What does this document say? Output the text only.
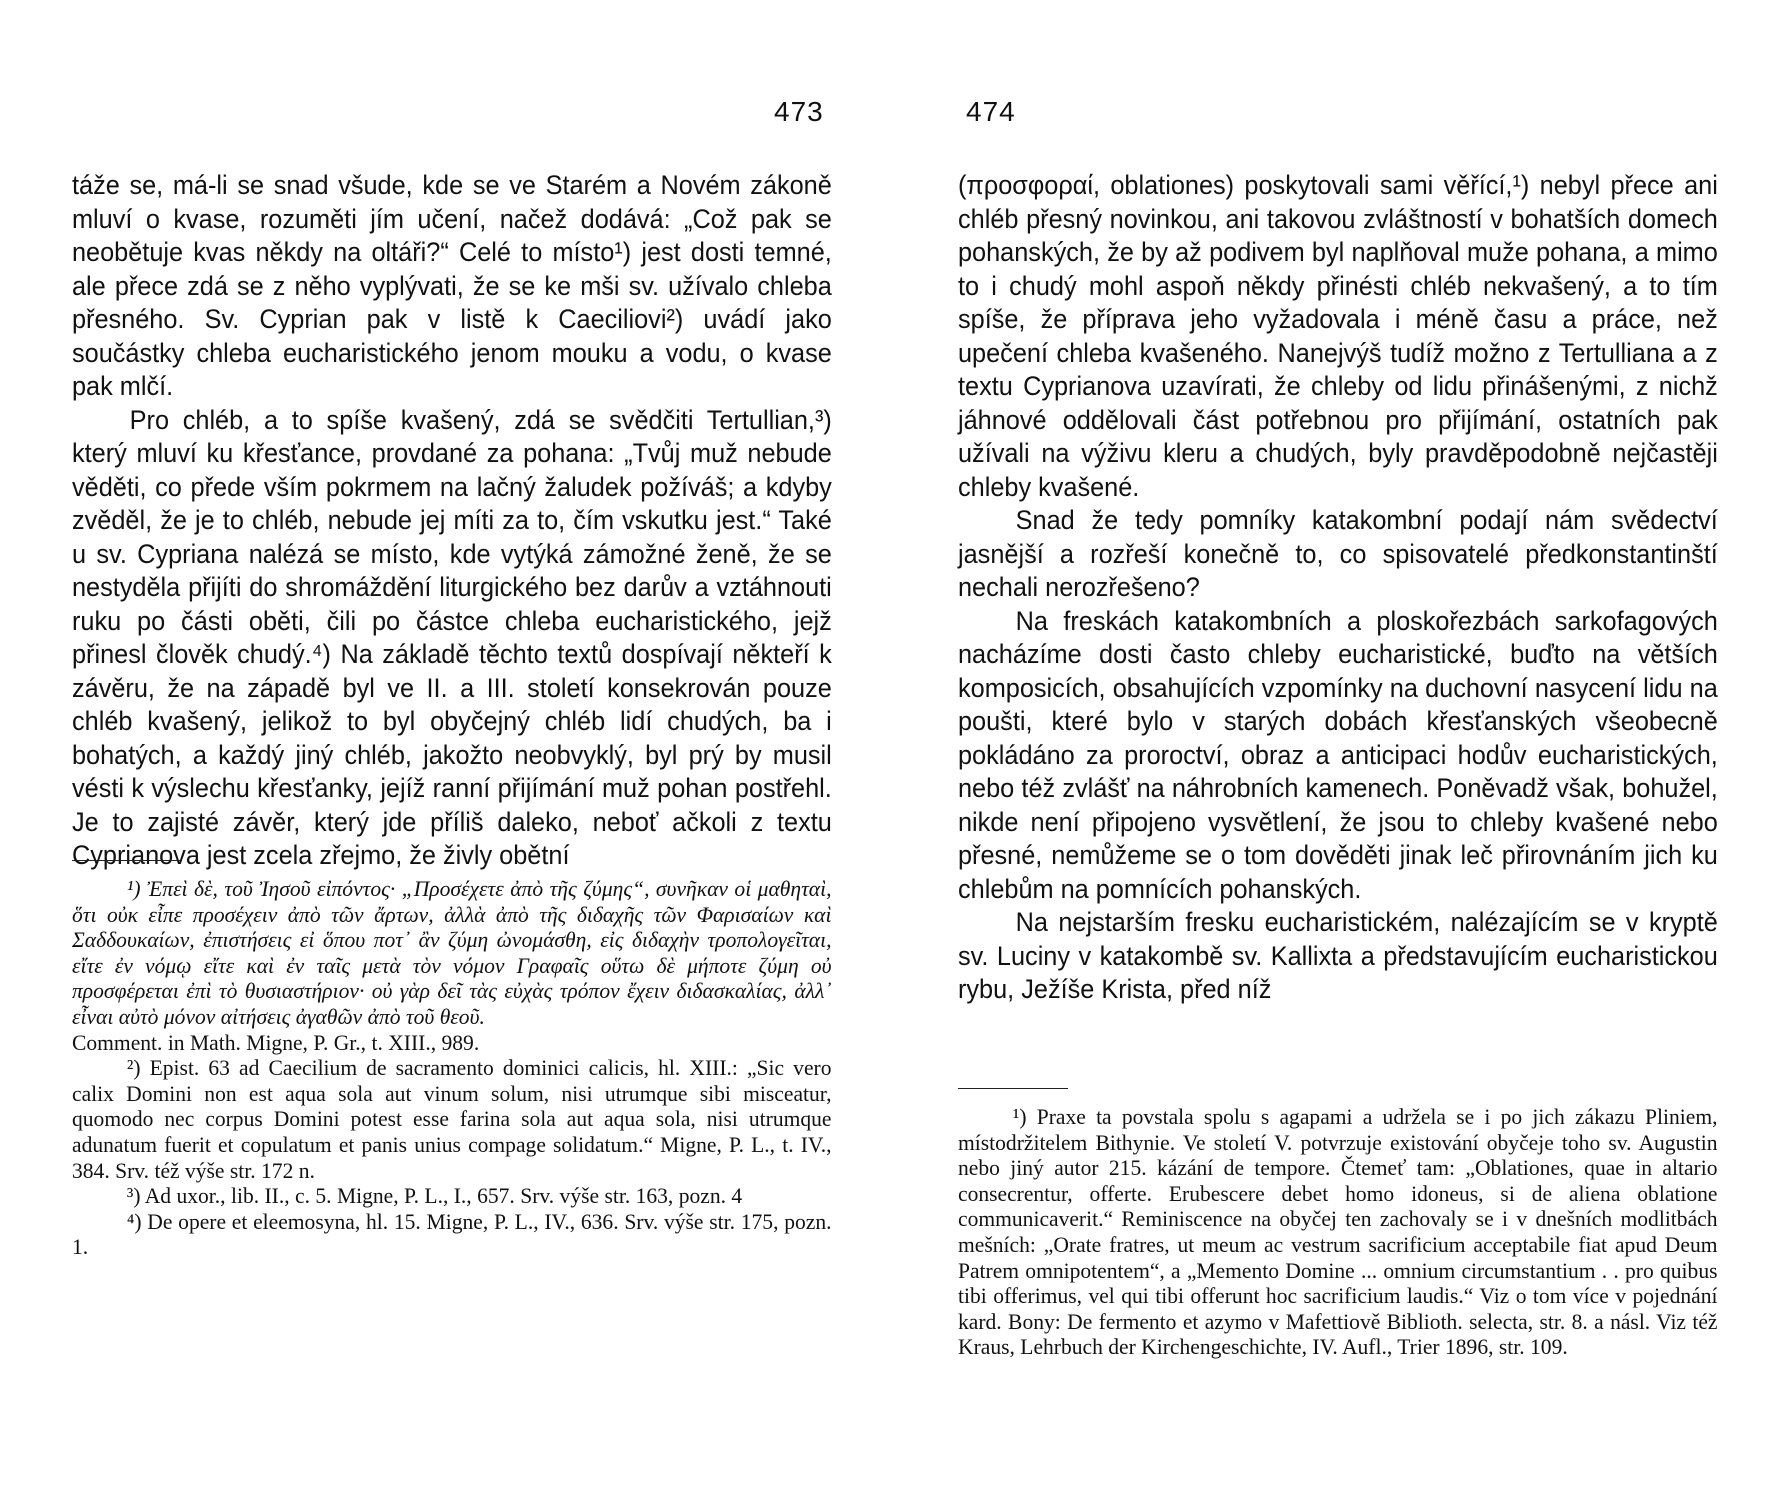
473

táže se, má-li se snad všude, kde se ve Starém a Novém zákoně mluví o kvase, rozuměti jím učení, načež dodává: „Což pak se neobětuje kvas někdy na oltáři?“ Celé to místo¹) jest dosti temné, ale přece zdá se z něho vyplývati, že se ke mši sv. užívalo chleba přesného. Sv. Cyprian pak v listě k Caeciliovi²) uvádí jako součástky chleba eucharistického jenom mouku a vodu, o kvase pak mlčí.

Pro chléb, a to spíše kvašený, zdá se svědčiti Tertullian,³) který mluví ku křesťance, provdané za pohana: „Tvůj muž nebude věděti, co přede vším pokrmem na lačný žaludek požíváš; a kdyby zvěděl, že je to chléb, nebude jej míti za to, čím vskutku jest.“ Také u sv. Cypriana nalézá se místo, kde vytýká zámožné ženě, že se nestyděla přijíti do shromáždění liturgického bez darův a vztáhnouti ruku po části oběti, čili po částce chleba eucharistického, jejž přinesl člověk chudý.⁴) Na základě těchto textů dospívají někteří k závěru, že na západě byl ve II. a III. století konsekrován pouze chléb kvašený, jelikož to byl obyčejný chléb lidí chudých, ba i bohatých, a každý jiný chléb, jakožto neobvyklý, byl prý by musil vésti k výslechu křesťanky, jejíž ranní přijímání muž pohan postřehl. Je to zajisté závěr, který jde příliš daleko, neboť ačkoli z textu Cyprianova jest zcela zřejmo, že živly obětní

¹) Ἐπεὶ δὲ, τοῦ Ἰησοῦ εἰπόντος· „Προσέχετε ἀπὸ τῆς ζύμης“, συνῆκαν οἱ μαθηταὶ, ὅτι οὐκ εἶπε προσέχειν ἀπὸ τῶν ἄρτων, ἀλλὰ ἀπὸ τῆς διδαχῆς τῶν Φαρισαίων καὶ Σαδδουκαίων, ἐπιστήσεις εἰ ὅπου ποτ᾽ ἂν ζύμη ὠνομάσθη, εἰς διδαχὴν τροπολογεῖται, εἴτε ἐν νόμῳ εἴτε καὶ ἐν ταῖς μετὰ τὸν νόμον Γραφαῖς οὕτω δὲ μήποτε ζύμη οὐ προσφέρεται ἐπὶ τὸ θυσιαστήριον· οὐ γὰρ δεῖ τὰς εὐχὰς τρόπον ἔχειν διδασκαλίας, ἀλλ᾽ εἶναι αὐτὸ μόνον αἰτήσεις ἀγαθῶν ἀπὸ τοῦ θεοῦ.

Comment. in Math. Migne, P. Gr., t. XIII., 989.

²) Epist. 63 ad Caecilium de sacramento dominici calicis, hl. XIII.: „Sic vero calix Domini non est aqua sola aut vinum solum, nisi utrumque sibi misceatur, quomodo nec corpus Domini potest esse farina sola aut aqua sola, nisi utrumque adunatum fuerit et copulatum et panis unius compage solidatum.“ Migne, P. L., t. IV., 384. Srv. též výše str. 172 n.

³) Ad uxor., lib. II., c. 5. Migne, P. L., I., 657. Srv. výše str. 163, pozn. 4

⁴) De opere et eleemosyna, hl. 15. Migne, P. L., IV., 636. Srv. výše str. 175, pozn. 1.

474

(προσφοραί, oblationes) poskytovali sami věřící,¹) nebyl přece ani chléb přesný novinkou, ani takovou zvláštností v bohatších domech pohanských, že by až podivem byl naplňoval muže pohana, a mimo to i chudý mohl aspoň někdy přinésti chléb nekvašený, a to tím spíše, že příprava jeho vyžadovala i méně času a práce, než upečení chleba kvašeného. Nanejvýš tudíž možno z Tertulliana a z textu Cyprianova uzavírati, že chleby od lidu přinášenými, z nichž jáhnové oddělovali část potřebnou pro přijímání, ostatních pak užívali na výživu kleru a chudých, byly pravděpodobně nejčastěji chleby kvašené.

Snad že tedy pomníky katakombní podají nám svědectví jasnější a rozřeší konečně to, co spisovatelé předkonstantinští nechali nerozřešeno?

Na freskách katakombních a ploskořezbách sarkofagových nacházíme dosti často chleby eucharistické, buďto na větších komposicích, obsahujících vzpomínky na duchovní nasycení lidu na poušti, které bylo v starých dobách křesťanských všeobecně pokládáno za proroctví, obraz a anticipaci hodův eucharistických, nebo též zvlášť na náhrobních kamenech. Poněvadž však, bohužel, nikde není připojeno vysvětlení, že jsou to chleby kvašené nebo přesné, nemůžeme se o tom dověděti jinak leč přirovnáním jich ku chlebům na pomnících pohanských.

Na nejstarším fresku eucharistickém, nalézajícím se v kryptě sv. Luciny v katakombě sv. Kallixta a představujícím eucharistickou rybu, Ježíše Krista, před níž

¹) Praxe ta povstala spolu s agapami a udržela se i po jich zákazu Pliniem, místodržitelem Bithynie. Ve století V. potvrzuje existování obyčeje toho sv. Augustin nebo jiný autor 215. kázání de tempore. Čtemeť tam: „Oblationes, quae in altario consecrentur, offerte. Erubescere debet homo idoneus, si de aliena oblatione communicaverit.“ Reminiscence na obyčej ten zachovaly se i v dnešních modlitbách mešních: „Orate fratres, ut meum ac vestrum sacrificium acceptabile fiat apud Deum Patrem omnipotentem“, a „Memento Domine ... omnium circumstantium . . pro quibus tibi offerimus, vel qui tibi offerunt hoc sacrificium laudis.“ Viz o tom více v pojednání kard. Bony: De fermento et azymo v Mafettiově Biblioth. selecta, str. 8. a násl. Viz též Kraus, Lehrbuch der Kirchengeschichte, IV. Aufl., Trier 1896, str. 109.
